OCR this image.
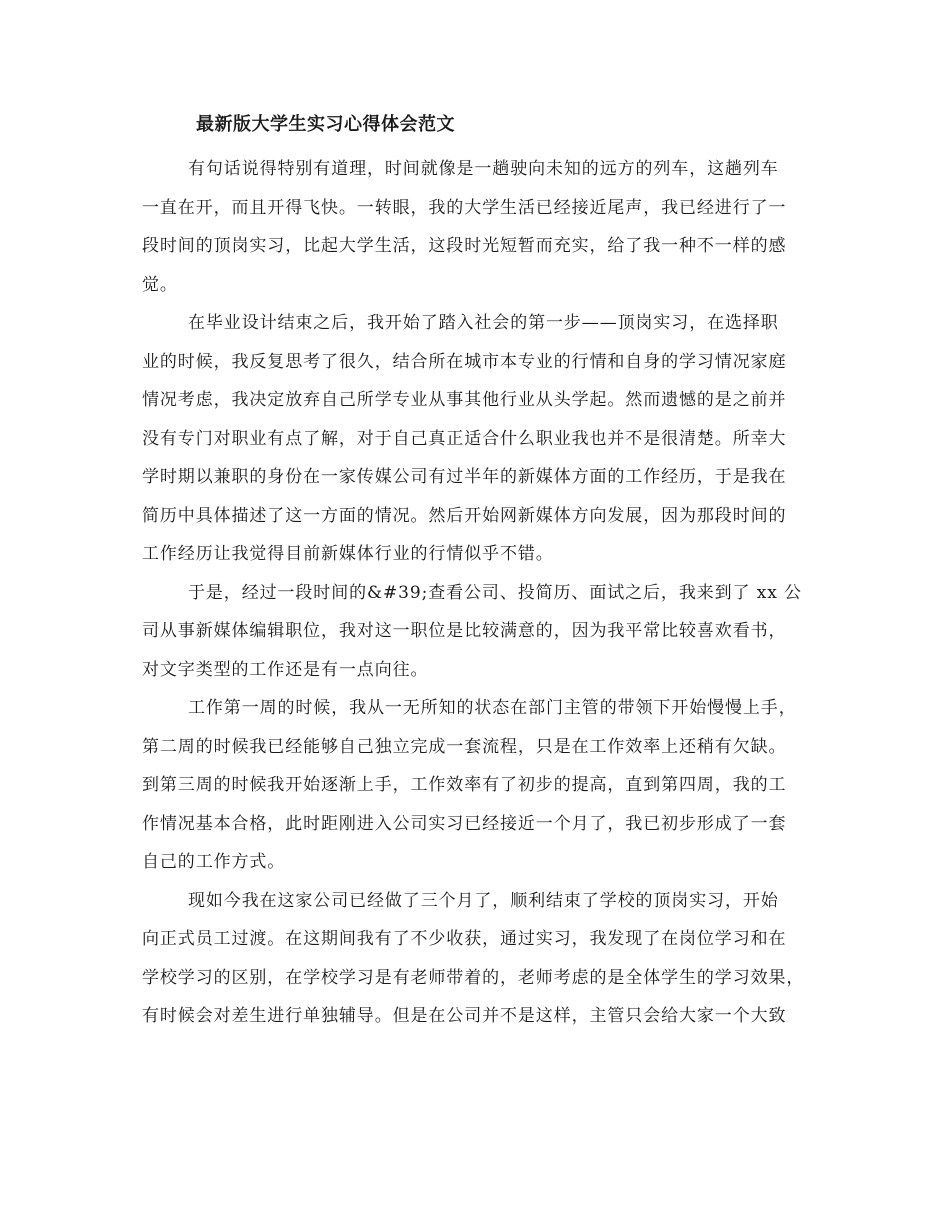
最新版大学生实习心得体会范文
有句话说得特别有道理，时间就像是一趟驶向未知的远方的列车，这趟列车
一直在开，而且开得飞快。一转眼，我的大学生活已经接近尾声，我已经进行了一
段时间的顶岗实习，比起大学生活，这段时光短暂而充实，给了我一种不一样的感
觉。
在毕业设计结束之后，我开始了踏入社会的第一步——顶岗实习，在选择职
业的时候，我反复思考了很久，结合所在城市本专业的行情和自身的学习情况家庭
情况考虑，我决定放弃自己所学专业从事其他行业从头学起。然而遗憾的是之前并
没有专门对职业有点了解，对于自己真正适合什么职业我也并不是很清楚。所幸大
学时期以兼职的身份在一家传媒公司有过半年的新媒体方面的工作经历，于是我在
简历中具体描述了这一方面的情况。然后开始网新媒体方向发展，因为那段时间的
工作经历让我觉得目前新媒体行业的行情似乎不错。
于是，经过一段时间的&#39;查看公司、投简历、面试之后，我来到了 xx 公
司从事新媒体编辑职位，我对这一职位是比较满意的，因为我平常比较喜欢看书，
对文字类型的工作还是有一点向往。
工作第一周的时候，我从一无所知的状态在部门主管的带领下开始慢慢上手，
第二周的时候我已经能够自己独立完成一套流程，只是在工作效率上还稍有欠缺。
到第三周的时候我开始逐渐上手，工作效率有了初步的提高，直到第四周，我的工
作情况基本合格，此时距刚进入公司实习已经接近一个月了，我已初步形成了一套
自己的工作方式。
现如今我在这家公司已经做了三个月了，顺利结束了学校的顶岗实习，开始
向正式员工过渡。在这期间我有了不少收获，通过实习，我发现了在岗位学习和在
学校学习的区别，在学校学习是有老师带着的，老师考虑的是全体学生的学习效果，
有时候会对差生进行单独辅导。但是在公司并不是这样，主管只会给大家一个大致
